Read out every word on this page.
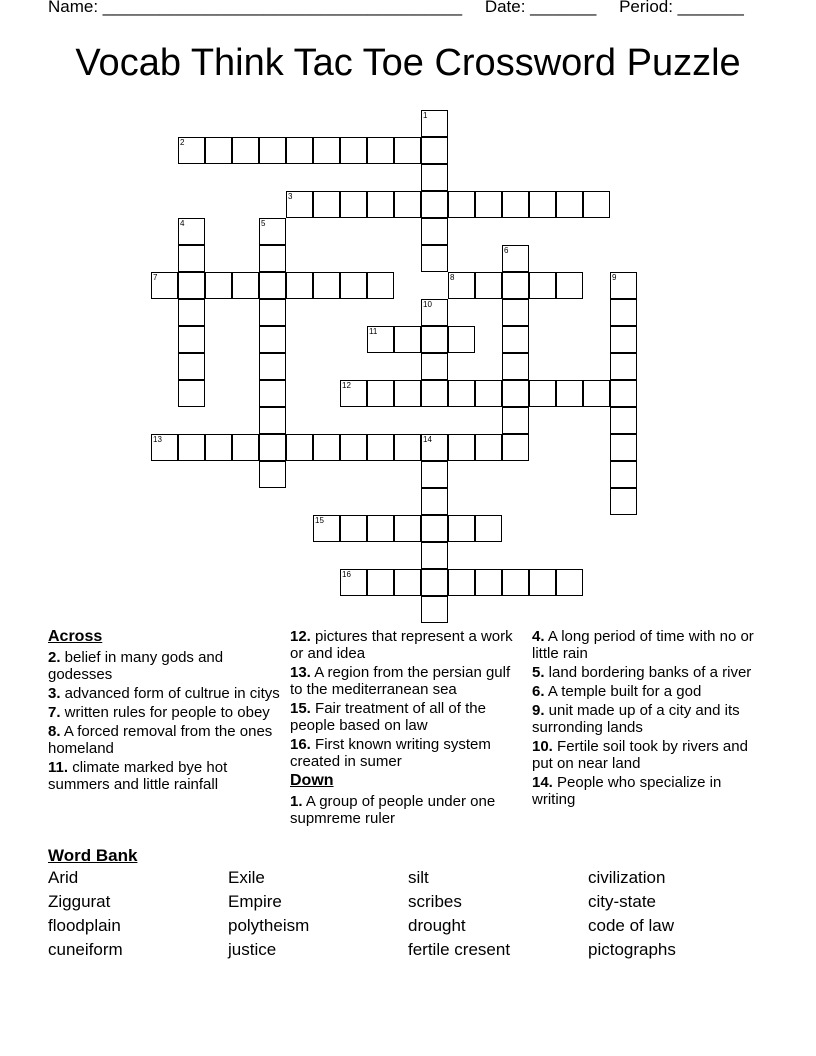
Name: ______________________________________ Date: _______ Period: _______
Vocab Think Tac Toe Crossword Puzzle
1
2
3
4	5
6
7	8	9
10
11
12
13	14
15
16
Across
2. belief in many gods and godesses
3. advanced form of cultrue in citys
7. written rules for people to obey
8. A forced removal from the ones homeland
11. climate marked bye hot summers and little rainfall
12. pictures that represent a work or and idea
13. A region from the persian gulf to the mediterranean sea
15. Fair treatment of all of the people based on law
16. First known writing system created in sumer
Down
1. A group of people under one supmreme ruler
4. A long period of time with no or little rain
5. land bordering banks of a river
6. A temple built for a god
9. unit made up of a city and its surronding lands
10. Fertile soil took by rivers and put on near land
14. People who specialize in writing
Word Bank
Arid	Exile	silt	civilization
Ziggurat	Empire	scribes	city-state
floodplain	polytheism	drought	code of law
cuneiform	justice	fertile cresent	pictographs
